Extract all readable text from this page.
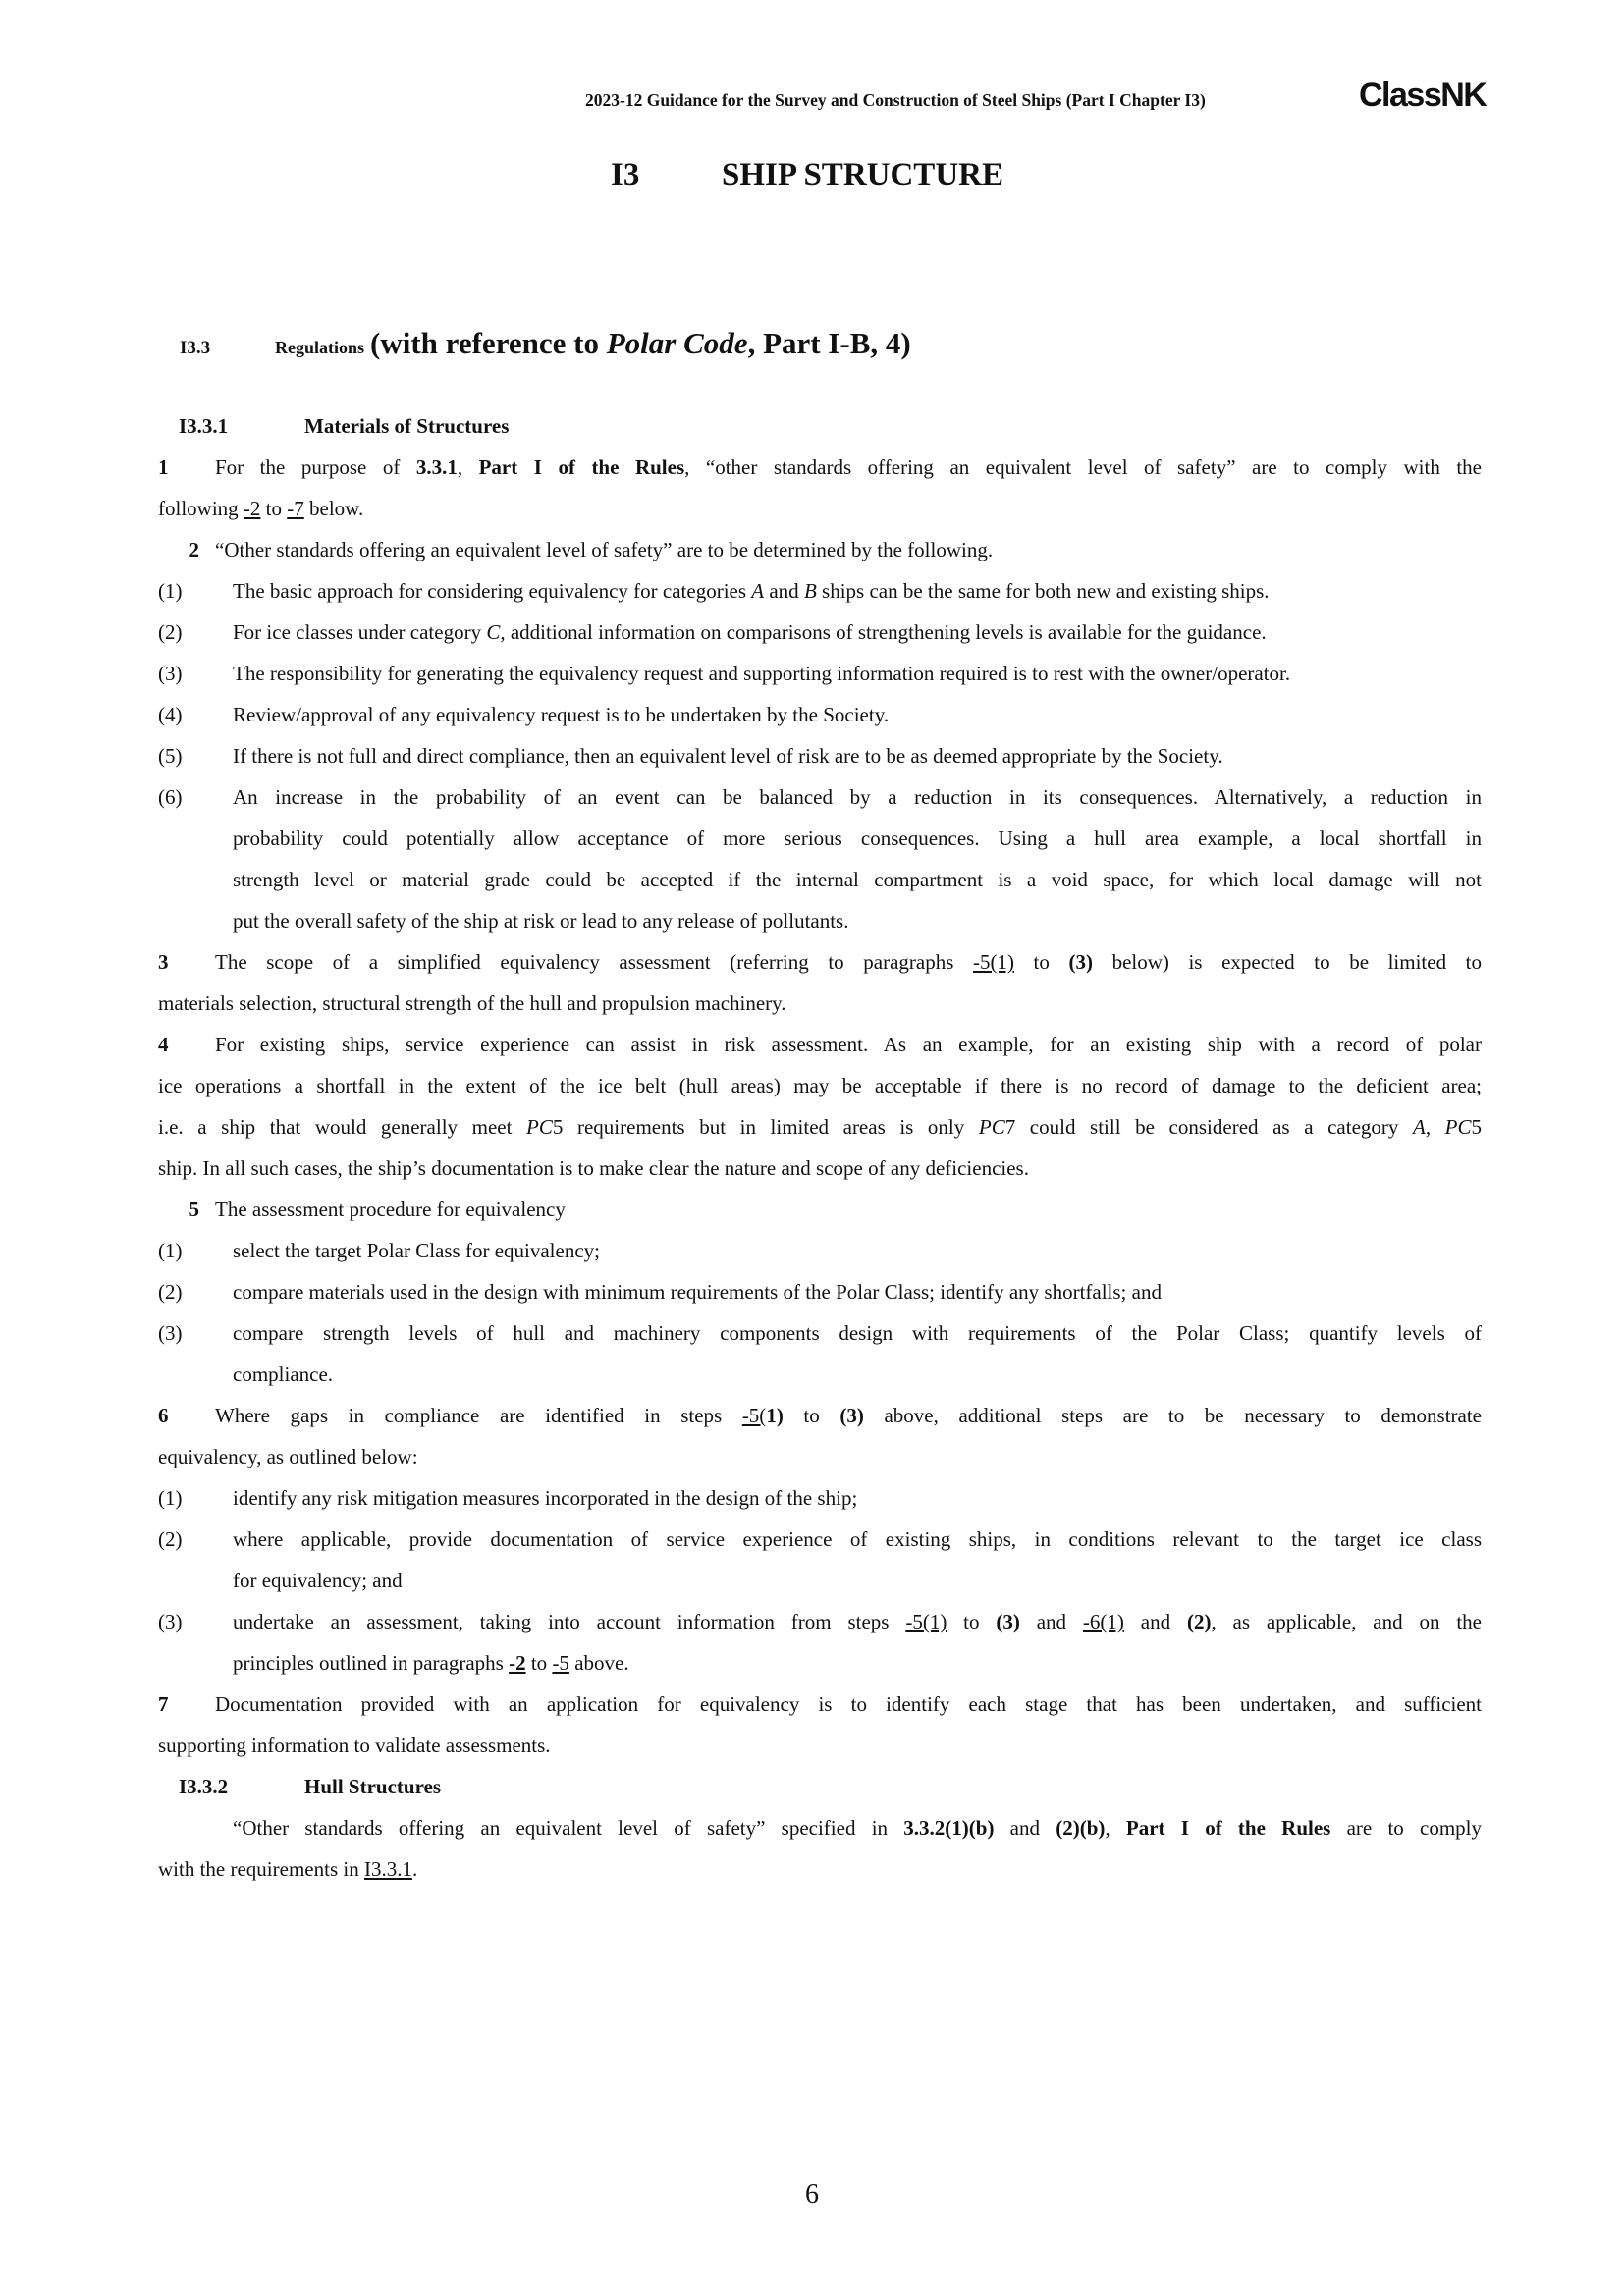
2023-12 Guidance for the Survey and Construction of Steel Ships (Part I Chapter I3)	ClassNK
I3	SHIP STRUCTURE
I3.3	Regulations (with reference to Polar Code, Part I-B, 4)
I3.3.1	Materials of Structures
1 For the purpose of 3.3.1, Part I of the Rules, “other standards offering an equivalent level of safety” are to comply with the
following -2 to -7 below.
2 “Other standards offering an equivalent level of safety” are to be determined by the following.
(1) The basic approach for considering equivalency for categories A and B ships can be the same for both new and existing ships.
(2) For ice classes under category C, additional information on comparisons of strengthening levels is available for the guidance.
(3) The responsibility for generating the equivalency request and supporting information required is to rest with the owner/operator.
(4) Review/approval of any equivalency request is to be undertaken by the Society.
(5) If there is not full and direct compliance, then an equivalent level of risk are to be as deemed appropriate by the Society.
(6) An increase in the probability of an event can be balanced by a reduction in its consequences. Alternatively, a reduction in
probability could potentially allow acceptance of more serious consequences. Using a hull area example, a local shortfall in
strength level or material grade could be accepted if the internal compartment is a void space, for which local damage will not
put the overall safety of the ship at risk or lead to any release of pollutants.
3 The scope of a simplified equivalency assessment (referring to paragraphs -5(1) to (3) below) is expected to be limited to
materials selection, structural strength of the hull and propulsion machinery.
4 For existing ships, service experience can assist in risk assessment. As an example, for an existing ship with a record of polar
ice operations a shortfall in the extent of the ice belt (hull areas) may be acceptable if there is no record of damage to the deficient area;
i.e. a ship that would generally meet PC5 requirements but in limited areas is only PC7 could still be considered as a category A, PC5
ship. In all such cases, the ship’s documentation is to make clear the nature and scope of any deficiencies.
5 The assessment procedure for equivalency
(1) select the target Polar Class for equivalency;
(2) compare materials used in the design with minimum requirements of the Polar Class; identify any shortfalls; and
(3) compare strength levels of hull and machinery components design with requirements of the Polar Class; quantify levels of
compliance.
6 Where gaps in compliance are identified in steps -5(1) to (3) above, additional steps are to be necessary to demonstrate
equivalency, as outlined below:
(1) identify any risk mitigation measures incorporated in the design of the ship;
(2) where applicable, provide documentation of service experience of existing ships, in conditions relevant to the target ice class
for equivalency; and
(3) undertake an assessment, taking into account information from steps -5(1) to (3) and -6(1) and (2), as applicable, and on the
principles outlined in paragraphs -2 to -5 above.
7 Documentation provided with an application for equivalency is to identify each stage that has been undertaken, and sufficient
supporting information to validate assessments.
I3.3.2	Hull Structures
“Other standards offering an equivalent level of safety” specified in 3.3.2(1)(b) and (2)(b), Part I of the Rules are to comply
with the requirements in I3.3.1.
6
